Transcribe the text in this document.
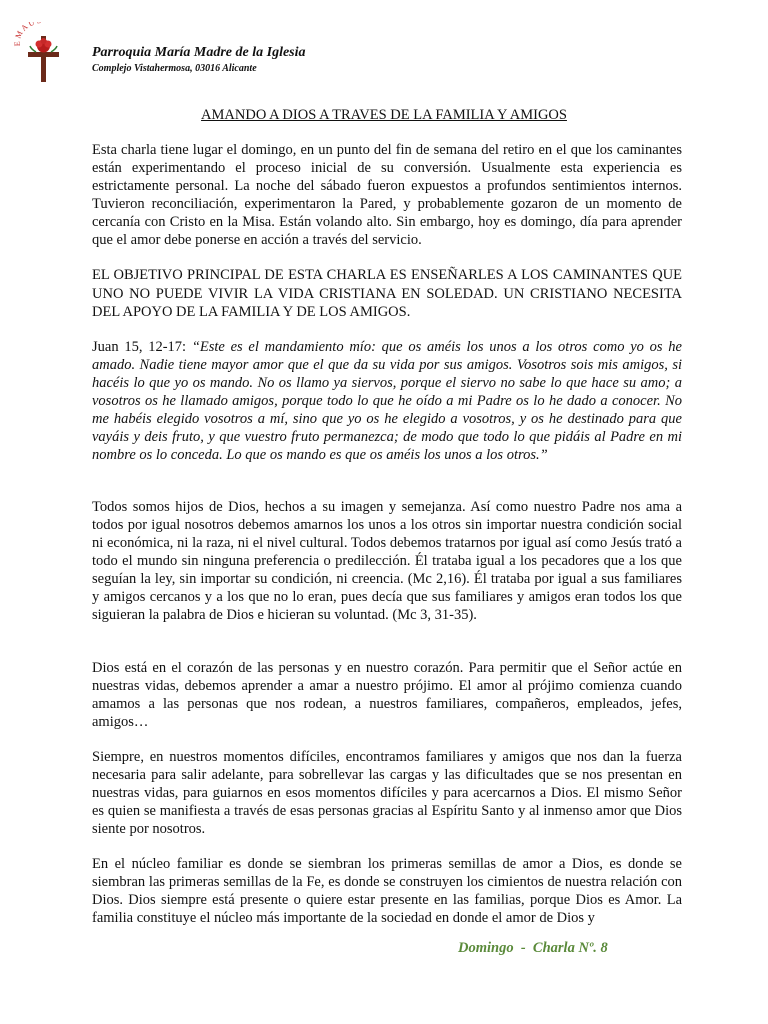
M A U
Parroquia María Madre de la Iglesia
Complejo Vistahermosa, 03016 Alicante
AMANDO A DIOS A TRAVES DE LA FAMILIA Y AMIGOS

Esta charla tiene lugar el domingo, en un punto del fin de semana del retiro en el que los caminantes están experimentando el proceso inicial de su conversión. Usualmente esta experiencia es estrictamente personal. La noche del sábado fueron expuestos a profundos sentimientos internos. Tuvieron reconciliación, experimentaron la Pared, y probablemente gozaron de un momento de cercanía con Cristo en la Misa. Están volando alto. Sin embargo, hoy es domingo, día para aprender que el amor debe ponerse en acción a través del servicio.

EL OBJETIVO PRINCIPAL DE ESTA CHARLA ES ENSEÑARLES A LOS CAMINANTES QUE UNO NO PUEDE VIVIR LA VIDA CRISTIANA EN SOLEDAD. UN CRISTIANO NECESITA DEL APOYO DE LA FAMILIA Y DE LOS AMIGOS.

Juan 15, 12-17: “Este es el mandamiento mío: que os améis los unos a los otros como yo os he amado. Nadie tiene mayor amor que el que da su vida por sus amigos. Vosotros sois mis amigos, si hacéis lo que yo os mando. No os llamo ya siervos, porque el siervo no sabe lo que hace su amo; a vosotros os he llamado amigos, porque todo lo que he oído a mi Padre os lo he dado a conocer. No me habéis elegido vosotros a mí, sino que yo os he elegido a vosotros, y os he destinado para que vayáis y deis fruto, y que vuestro fruto permanezca; de modo que todo lo que pidáis al Padre en mi nombre os lo conceda. Lo que os mando es que os améis los unos a los otros.”

Todos somos hijos de Dios, hechos a su imagen y semejanza. Así como nuestro Padre nos ama a todos por igual nosotros debemos amarnos los unos a los otros sin importar nuestra condición social ni económica, ni la raza, ni el nivel cultural. Todos debemos tratarnos por igual así como Jesús trató a todo el mundo sin ninguna preferencia o predilección. Él trataba igual a los pecadores que a los que seguían la ley, sin importar su condición, ni creencia. (Mc 2,16). Él trataba por igual a sus familiares y amigos cercanos y a los que no lo eran, pues decía que sus familiares y amigos eran todos los que siguieran la palabra de Dios e hicieran su voluntad. (Mc 3, 31-35).

Dios está en el corazón de las personas y en nuestro corazón. Para permitir que el Señor actúe en nuestras vidas, debemos aprender a amar a nuestro prójimo. El amor al prójimo comienza cuando amamos a las personas que nos rodean, a nuestros familiares, compañeros, empleados, jefes, amigos…

Siempre, en nuestros momentos difíciles, encontramos familiares y amigos que nos dan la fuerza necesaria para salir adelante, para sobrellevar las cargas y las dificultades que se nos presentan en nuestras vidas, para guiarnos en esos momentos difíciles y para acercarnos a Dios. El mismo Señor es quien se manifiesta a través de esas personas gracias al Espíritu Santo y al inmenso amor que Dios siente por nosotros.

En el núcleo familiar es donde se siembran los primeras semillas de amor a Dios, es donde se siembran las primeras semillas de la Fe, es donde se construyen los cimientos de nuestra relación con Dios. Dios siempre está presente o quiere estar presente en las familias, porque Dios es Amor. La familia constituye el núcleo más importante de la sociedad en donde el amor de Dios y

Domingo  -  Charla Nº. 8
